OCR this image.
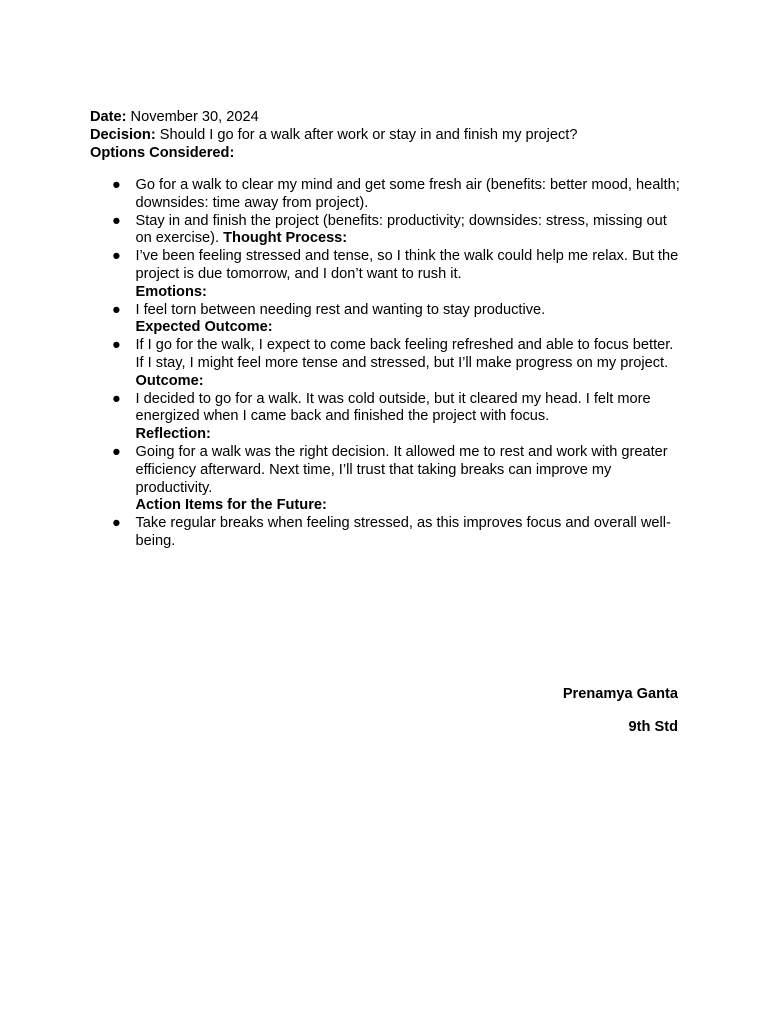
Date: November 30, 2024
Decision: Should I go for a walk after work or stay in and finish my project?
Options Considered:
● Go for a walk to clear my mind and get some fresh air (benefits: better mood, health; downsides: time away from project).
● Stay in and finish the project (benefits: productivity; downsides: stress, missing out on exercise). Thought Process:
● I’ve been feeling stressed and tense, so I think the walk could help me relax. But the project is due tomorrow, and I don’t want to rush it.
Emotions:
● I feel torn between needing rest and wanting to stay productive.
Expected Outcome:
● If I go for the walk, I expect to come back feeling refreshed and able to focus better. If I stay, I might feel more tense and stressed, but I’ll make progress on my project.
Outcome:
● I decided to go for a walk. It was cold outside, but it cleared my head. I felt more energized when I came back and finished the project with focus.
Reflection:
● Going for a walk was the right decision. It allowed me to rest and work with greater efficiency afterward. Next time, I’ll trust that taking breaks can improve my productivity.
Action Items for the Future:
● Take regular breaks when feeling stressed, as this improves focus and overall well-being.
Prenamya Ganta
9th Std
